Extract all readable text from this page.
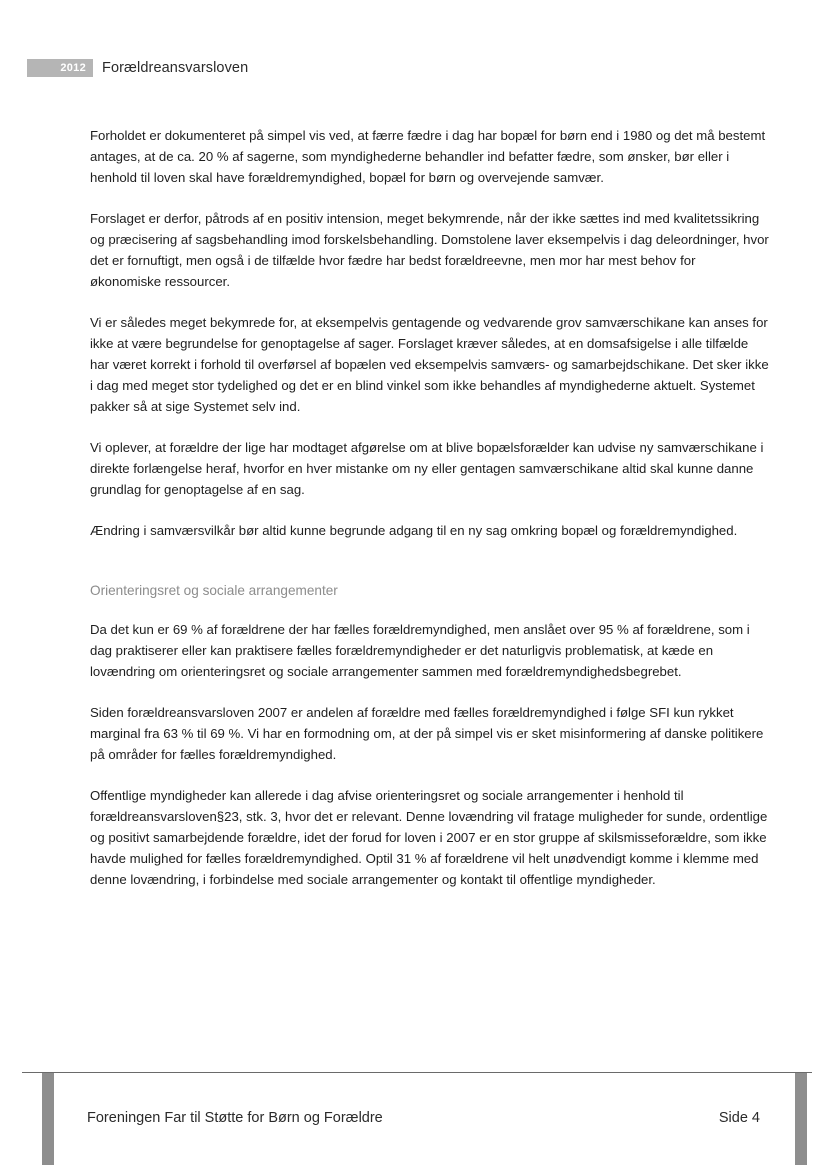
2012	Forældreansvarsloven

Forholdet er dokumenteret på simpel vis ved, at færre fædre i dag har bopæl for børn end i 1980 og det må bestemt antages, at de ca. 20 % af sagerne, som myndighederne behandler ind befatter fædre, som ønsker, bør eller i henhold til loven skal have forældremyndighed, bopæl for børn og overvejende samvær.

Forslaget er derfor, påtrods af en positiv intension, meget bekymrende, når der ikke sættes ind med kvalitetssikring og præcisering af sagsbehandling imod forskelsbehandling. Domstolene laver eksempelvis i dag deleordninger, hvor det er fornuftigt, men også i de tilfælde hvor fædre har bedst forældreevne, men mor har mest behov for økonomiske ressourcer.

Vi er således meget bekymrede for, at eksempelvis gentagende og vedvarende grov samværschikane kan anses for ikke at være begrundelse for genoptagelse af sager. Forslaget kræver således, at en domsafsigelse i alle tilfælde har været korrekt i forhold til overførsel af bopælen ved eksempelvis samværs- og samarbejdschikane. Det sker ikke i dag med meget stor tydelighed og det er en blind vinkel som ikke behandles af myndighederne aktuelt. Systemet pakker så at sige Systemet selv ind.

Vi oplever, at forældre der lige har modtaget afgørelse om at blive bopælsforælder kan udvise ny samværschikane i direkte forlængelse heraf, hvorfor en hver mistanke om ny eller gentagen samværschikane altid skal kunne danne grundlag for genoptagelse af en sag.

Ændring i samværsvilkår bør altid kunne begrunde adgang til en ny sag omkring bopæl og forældremyndighed.

Orienteringsret og sociale arrangementer

Da det kun er 69 % af forældrene der har fælles forældremyndighed, men anslået over 95 % af forældrene, som i dag praktiserer eller kan praktisere fælles forældremyndigheder er det naturligvis problematisk, at kæde en lovændring om orienteringsret og sociale arrangementer sammen med forældremyndighedsbegrebet.

Siden forældreansvarsloven 2007 er andelen af forældre med fælles forældremyndighed i følge SFI kun rykket marginal fra 63 % til 69 %. Vi har en formodning om, at der på simpel vis er sket misinformering af danske politikere på områder for fælles forældremyndighed.

Offentlige myndigheder kan allerede i dag afvise orienteringsret og sociale arrangementer i henhold til forældreansvarsloven§23, stk. 3, hvor det er relevant. Denne lovændring vil fratage muligheder for sunde, ordentlige og positivt samarbejdende forældre, idet der forud for loven i 2007 er en stor gruppe af skilsmisseforældre, som ikke havde mulighed for fælles forældremyndighed. Optil 31 % af forældrene vil helt unødvendigt komme i klemme med denne lovændring, i forbindelse med sociale arrangementer og kontakt til offentlige myndigheder.

Foreningen Far til Støtte for Børn og Forældre	Side 4
